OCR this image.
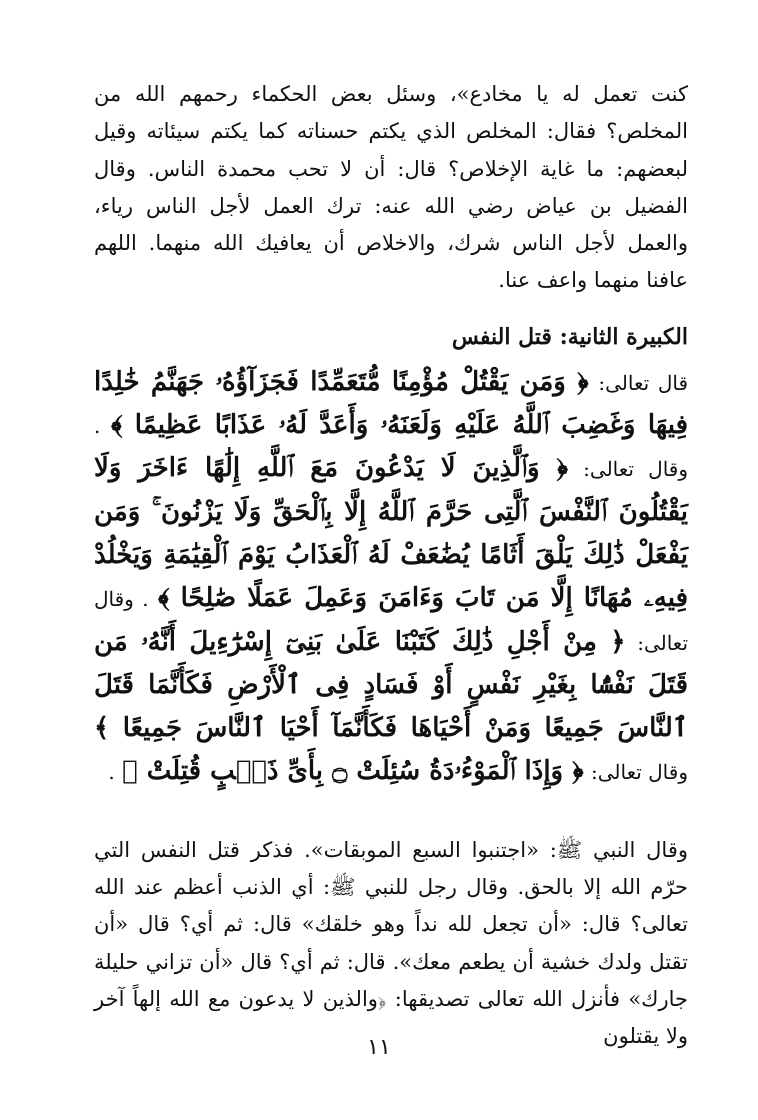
كنت تعمل له يا مخادع»، وسئل بعض الحكماء رحمهم الله من المخلص؟ فقال: المخلص الذي يكتم حسناته كما يكتم سيئاته وقيل لبعضهم: ما غاية الإخلاص؟ قال: أن لا تحب محمدة الناس. وقال الفضيل بن عياض رضي الله عنه: ترك العمل لأجل الناس رياء، والعمل لأجل الناس شرك، والاخلاص أن يعافيك الله منهما. اللهم عافنا منهما واعف عنا.

الكبيرة الثانية: قتل النفس

قال تعالى: ﴿ وَمَن يَقْتُلْ مُؤْمِنًا مُّتَعَمِّدًا فَجَزَآؤُهُۥ جَهَنَّمُ خَٰلِدًا فِيهَا وَغَضِبَ ٱللَّهُ عَلَيْهِ وَلَعَنَهُۥ وَأَعَدَّ لَهُۥ عَذَابًا عَظِيمًا ﴾ . وقال تعالى: ﴿ وَٱلَّذِينَ لَا يَدْعُونَ مَعَ ٱللَّهِ إِلَٰهًا ءَاخَرَ وَلَا يَقْتُلُونَ ٱلنَّفْسَ ٱلَّتِى حَرَّمَ ٱللَّهُ إِلَّا بِٱلْحَقِّ وَلَا يَزْنُونَ ۚ وَمَن يَفْعَلْ ذَٰلِكَ يَلْقَ أَثَامًا يُضَٰعَفْ لَهُ ٱلْعَذَابُ يَوْمَ ٱلْقِيَٰمَةِ وَيَخْلُدْ فِيهِۦ مُهَانًا إِلَّا مَن تَابَ وَءَامَنَ وَعَمِلَ عَمَلًا صَٰلِحًا ﴾ . وقال تعالى: ﴿ مِنْ أَجْلِ ذَٰلِكَ كَتَبْنَا عَلَىٰ بَنِىٓ إِسْرَٰٓءِيلَ أَنَّهُۥ مَن قَتَلَ نَفْسًۢا بِغَيْرِ نَفْسٍ أَوْ فَسَادٍ فِى ٱلْأَرْضِ فَكَأَنَّمَا قَتَلَ ٱلنَّاسَ جَمِيعًا وَمَنْ أَحْيَاهَا فَكَأَنَّمَآ أَحْيَا ٱلنَّاسَ جَمِيعًا ﴾ وقال تعالى: ﴿ وَإِذَا ٱلْمَوْءُۥدَةُ سُئِلَتْ ۝ بِأَىِّ ذَنۢبٍ قُتِلَتْ ﴾ .

وقال النبي ﷺ: «اجتنبوا السبع الموبقات». فذكر قتل النفس التي حرّم الله إلا بالحق. وقال رجل للنبي ﷺ: أي الذنب أعظم عند الله تعالى؟ قال: «أن تجعل لله نداً وهو خلقك» قال: ثم أي؟ قال «أن تقتل ولدك خشية أن يطعم معك». قال: ثم أي؟ قال «أن تزاني حليلة جارك» فأنزل الله تعالى تصديقها: ﴿والذين لا يدعون مع الله إلهاً آخر ولا يقتلون

١١
